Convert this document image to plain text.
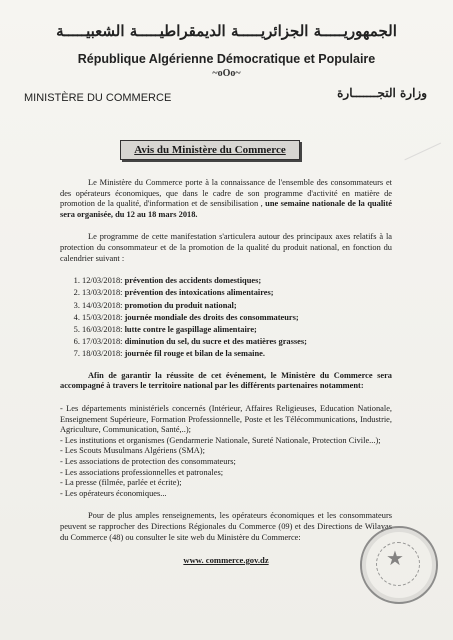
الجمهوريـــــة الجزائريـــــة الديمقراطيـــــة الشعبيـــــة
République Algérienne Démocratique et Populaire
~oOo~
MINISTÈRE DU COMMERCE	وزارة التجـــــــارة
Avis du Ministère du Commerce

Le Ministère du Commerce porte à la connaissance de l'ensemble des consommateurs et des opérateurs économiques, que dans le cadre de son programme d'activité en matière de promotion de la qualité, d'information et de sensibilisation , une semaine nationale de la qualité sera organisée, du 12 au 18 mars 2018.

Le programme de cette manifestation s'articulera autour des principaux axes relatifs à la protection du consommateur et de la promotion de la qualité du produit national, en fonction du calendrier suivant :

1. 12/03/2018: prévention des accidents domestiques;
2. 13/03/2018: prévention des intoxications alimentaires;
3. 14/03/2018: promotion du produit national;
4. 15/03/2018: journée mondiale des droits des consommateurs;
5. 16/03/2018: lutte contre le gaspillage alimentaire;
6. 17/03/2018: diminution du sel, du sucre et des matières grasses;
7. 18/03/2018: journée fil rouge et bilan de la semaine.

Afin de garantir la réussite de cet événement, le Ministère du Commerce sera accompagné à travers le territoire national par les différents partenaires notamment:

- Les départements ministériels concernés (Intérieur, Affaires Religieuses, Education Nationale, Enseignement Supérieure, Formation Professionnelle, Poste et les Télécommunications, Industrie, Agriculture, Communication, Santé,..);
- Les institutions et organismes (Gendarmerie Nationale, Sureté Nationale, Protection Civile...);
- Les Scouts Musulmans Algériens (SMA);
- Les associations de protection des consommateurs;
- Les associations professionnelles et patronales;
- La presse (filmée, parlée et écrite);
- Les opérateurs économiques...

Pour de plus amples renseignements, les opérateurs économiques et les consommateurs peuvent se rapprocher des Directions Régionales du Commerce (09) et des Directions de Wilayas du Commerce (48) ou consulter le site web du Ministère du Commerce:

www. commerce.gov.dz	★
